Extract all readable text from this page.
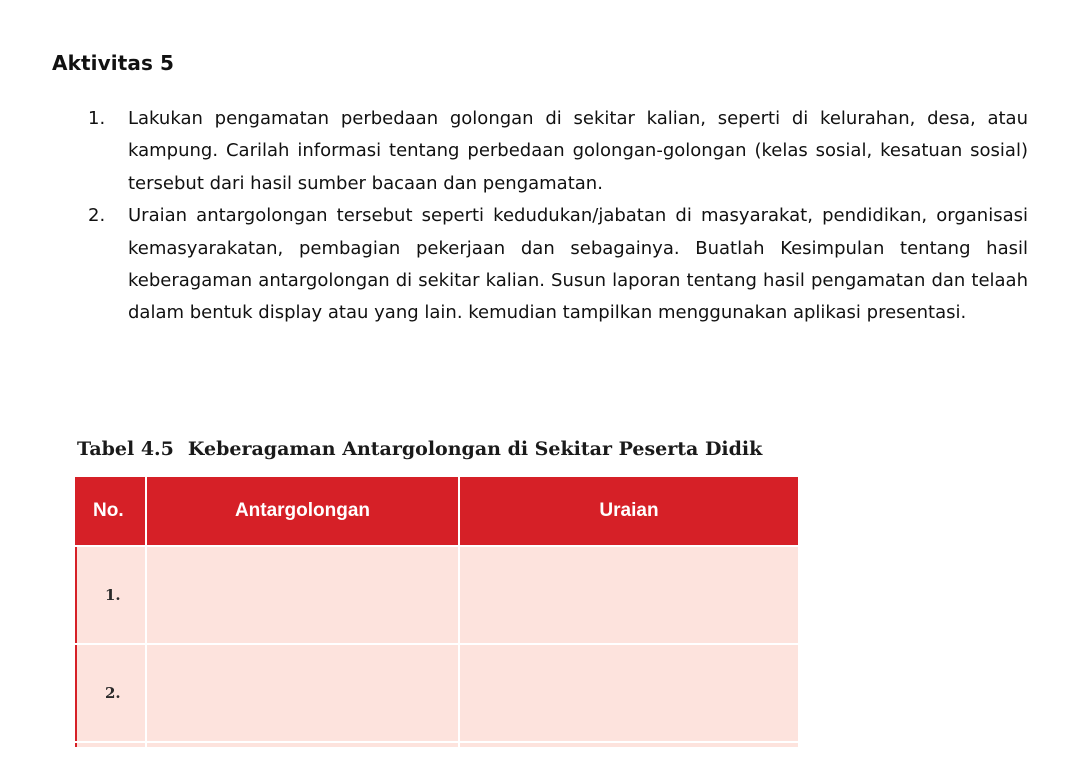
Aktivitas 5
1. Lakukan pengamatan perbedaan golongan di sekitar kalian, seperti di kelurahan, desa, atau kampung. Carilah informasi tentang perbedaan golongan-golongan (kelas sosial, kesatuan sosial) tersebut dari hasil sumber bacaan dan pengamatan.
2. Uraian antargolongan tersebut seperti kedudukan/jabatan di masyarakat, pendidikan, organisasi kemasyarakatan, pembagian pekerjaan dan sebagainya. Buatlah Kesimpulan tentang hasil keberagaman antargolongan di sekitar kalian. Susun laporan tentang hasil pengamatan dan telaah dalam bentuk display atau yang lain. kemudian tampilkan menggunakan aplikasi presentasi.

Tabel 4.5 Keberagaman Antargolongan di Sekitar Peserta Didik

No.	Antargolongan	Uraian
1.		
2.		
